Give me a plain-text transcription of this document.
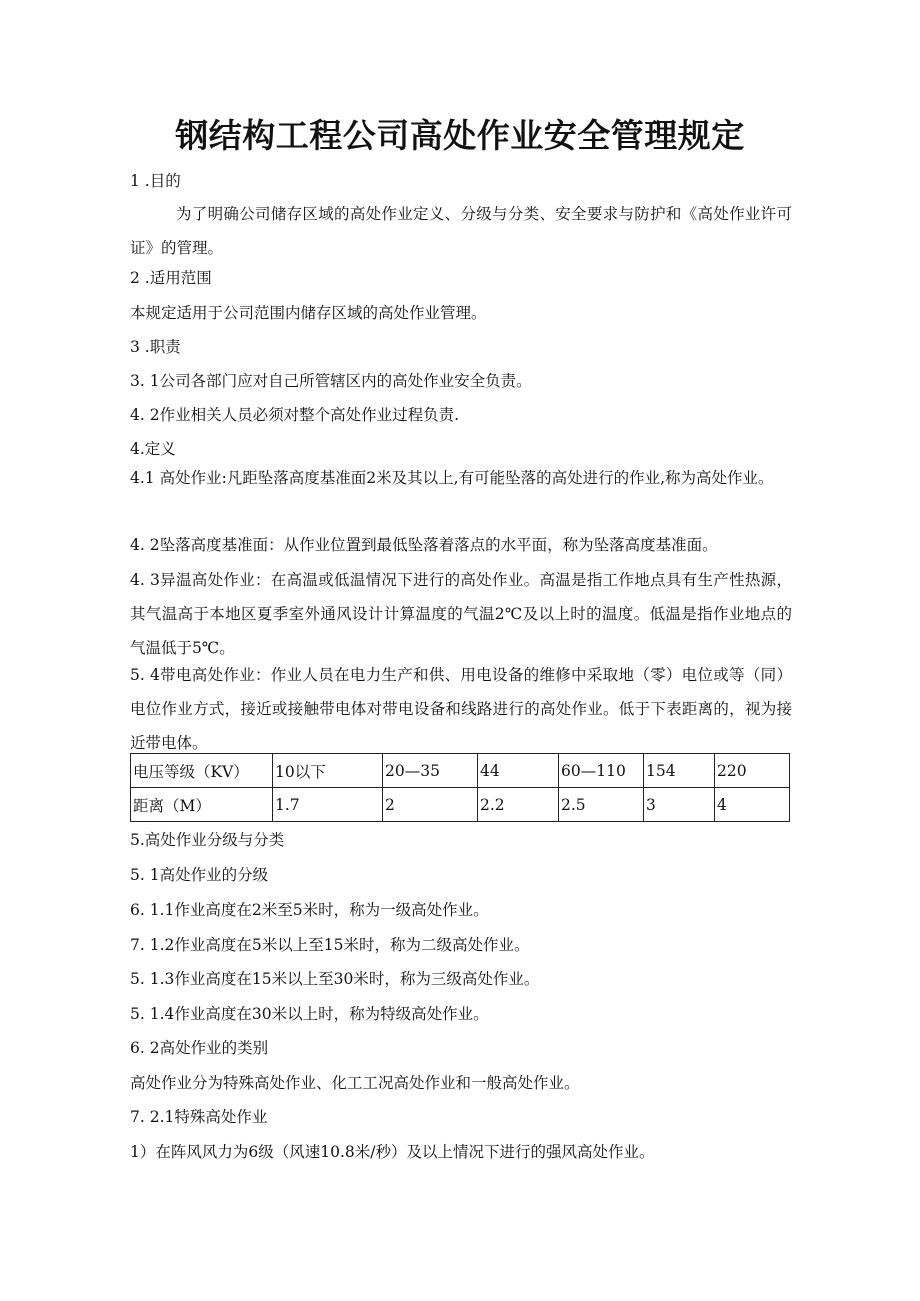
钢结构工程公司高处作业安全管理规定
1 .目的
为了明确公司储存区域的高处作业定义、分级与分类、安全要求与防护和《高处作业许可证》的管理。
2 .适用范围
本规定适用于公司范围内储存区域的高处作业管理。
3 .职责
3. 1公司各部门应对自己所管辖区内的高处作业安全负责。
4. 2作业相关人员必须对整个高处作业过程负责.
4.定义
4.1 高处作业:凡距坠落高度基准面2米及其以上,有可能坠落的高处进行的作业,称为高处作业。
4. 2坠落高度基准面：从作业位置到最低坠落着落点的水平面，称为坠落高度基准面。
4. 3异温高处作业：在高温或低温情况下进行的高处作业。高温是指工作地点具有生产性热源，其气温高于本地区夏季室外通风设计计算温度的气温2℃及以上时的温度。低温是指作业地点的气温低于5℃。
5. 4带电高处作业：作业人员在电力生产和供、用电设备的维修中采取地（零）电位或等（同）电位作业方式，接近或接触带电体对带电设备和线路进行的高处作业。低于下表距离的，视为接近带电体。
电压等级（KV）	10以下	20—35	44	60—110	154	220
距离（M）	1.7	2	2.2	2.5	3	4
5.高处作业分级与分类
5. 1高处作业的分级
6. 1.1作业高度在2米至5米时，称为一级高处作业。
7. 1.2作业高度在5米以上至15米时，称为二级高处作业。
5. 1.3作业高度在15米以上至30米时，称为三级高处作业。
5. 1.4作业高度在30米以上时，称为特级高处作业。
6. 2高处作业的类别
高处作业分为特殊高处作业、化工工况高处作业和一般高处作业。
7. 2.1特殊高处作业
1）在阵风风力为6级（风速10.8米/秒）及以上情况下进行的强风高处作业。
